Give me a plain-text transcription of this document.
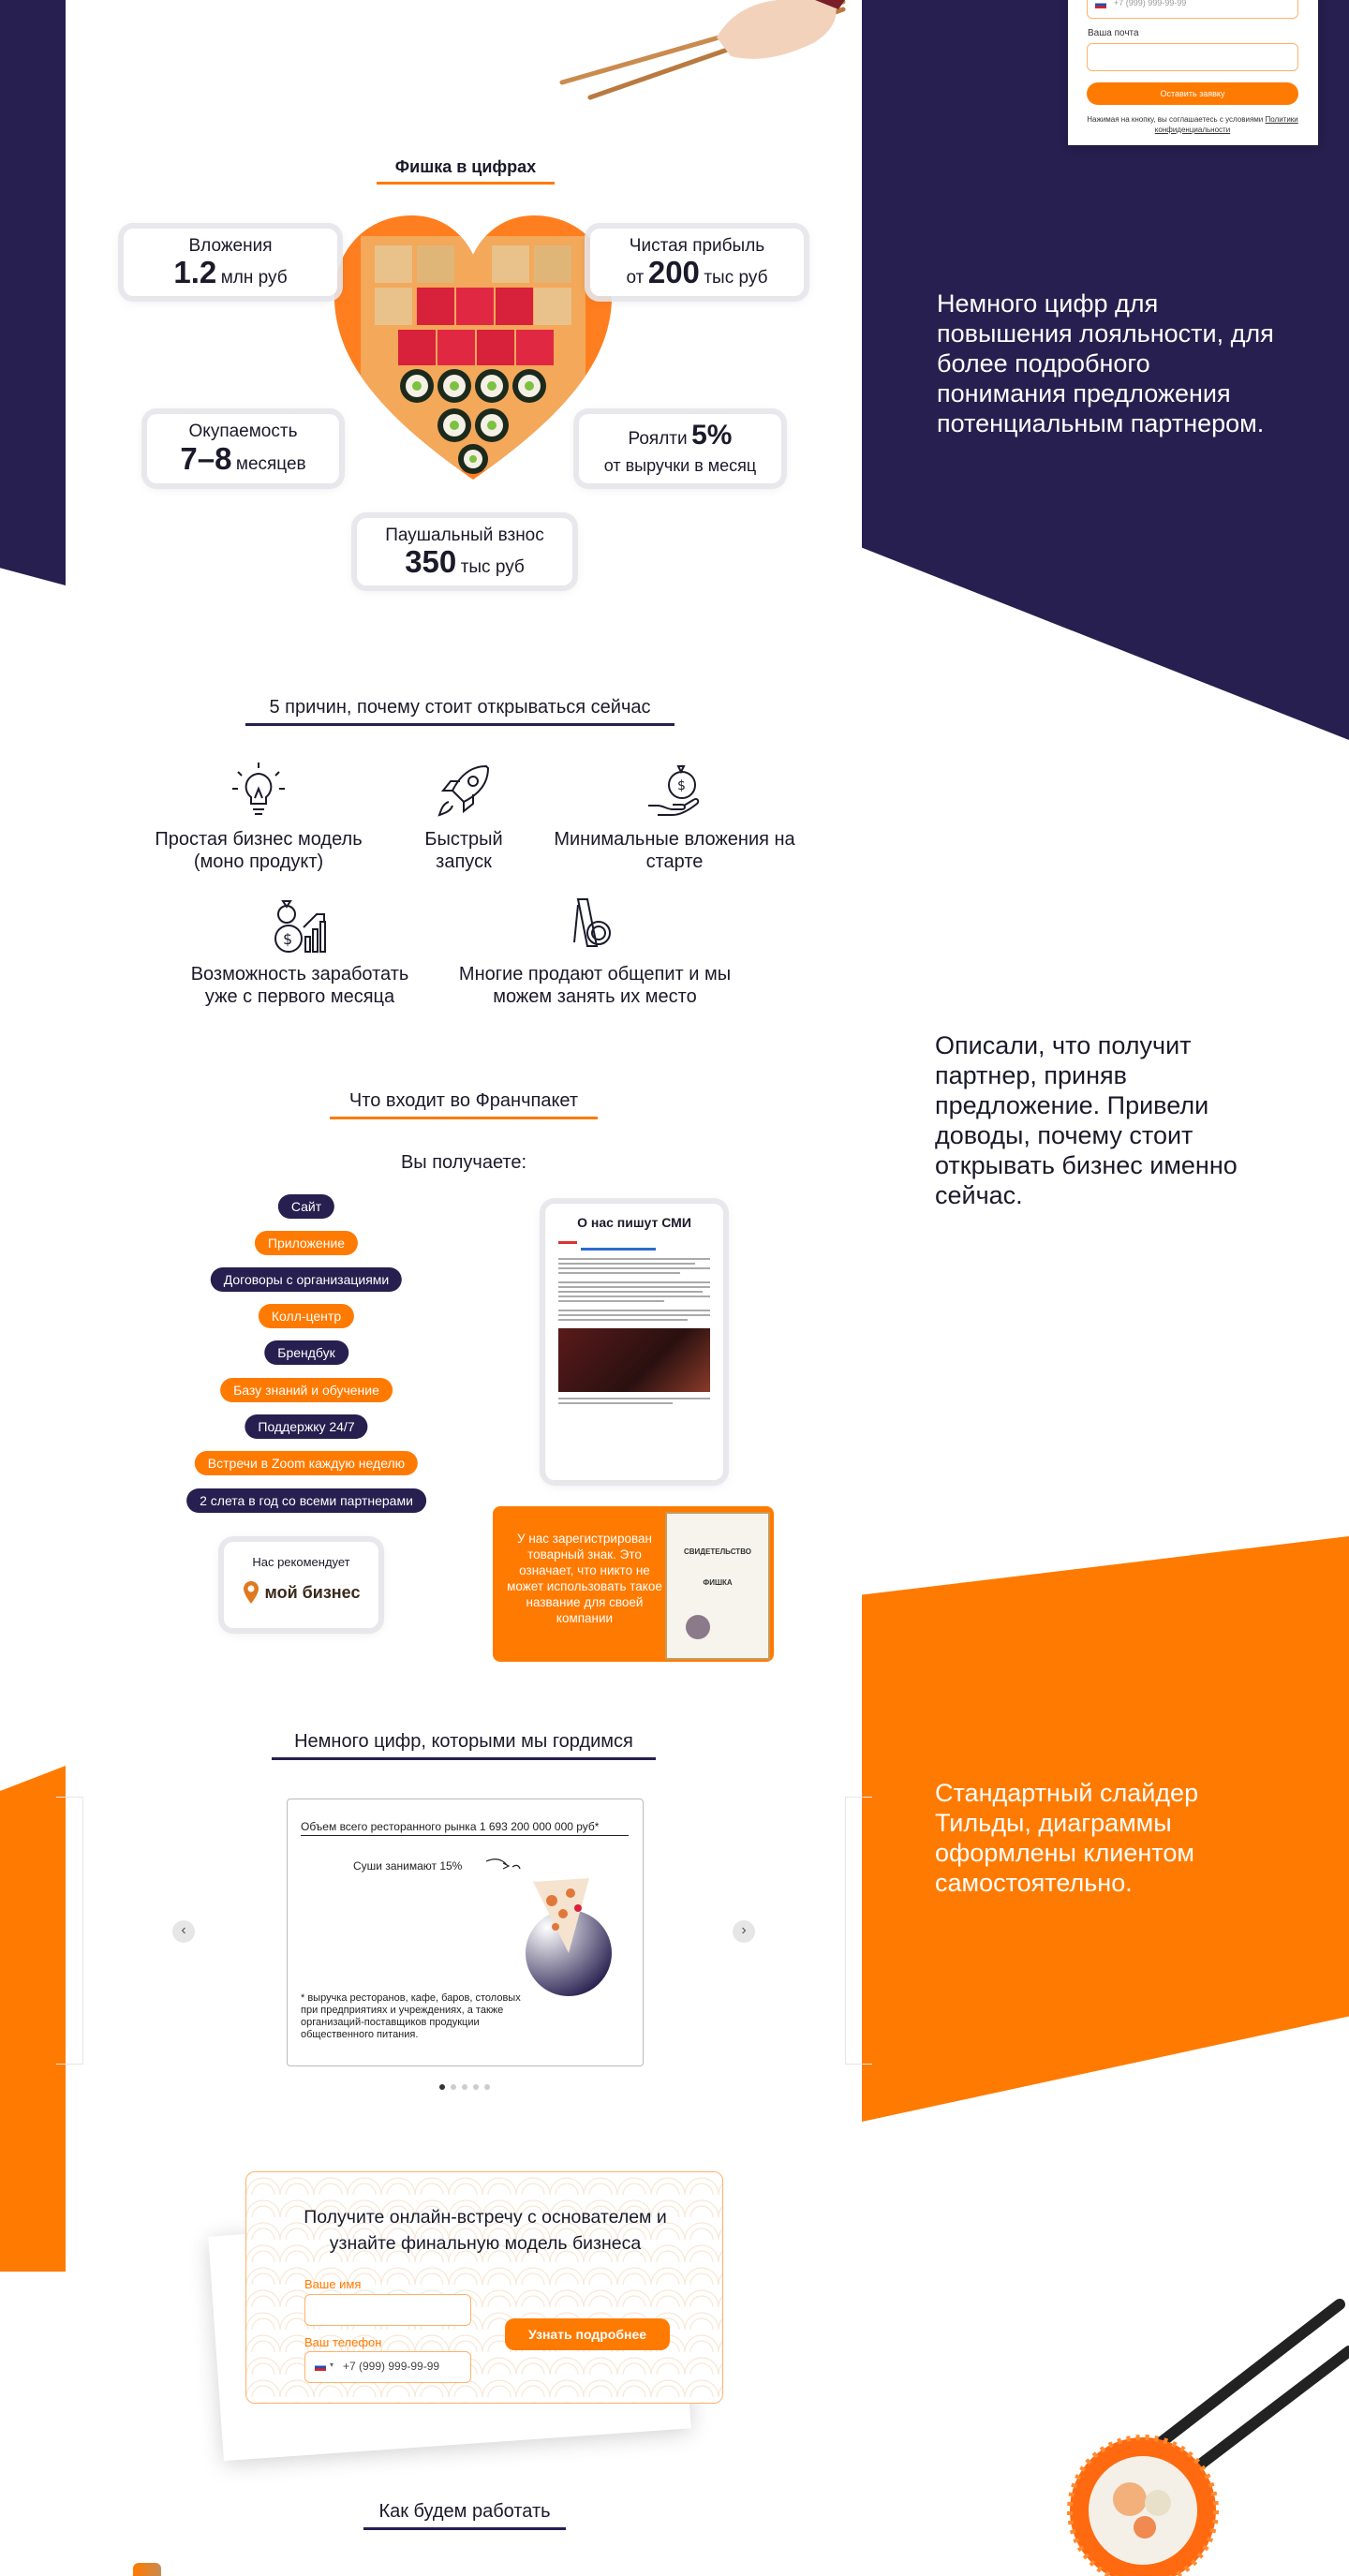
+7 (999) 999-99-99
Ваша почта
Оставить заявку
Нажимая на кнопку, вы соглашаетесь с условиями Политики конфиденциальности
Фишка в цифрах
Вложения
1.2 млн руб
Чистая прибыль
от 200 тыс руб
Окупаемость
7–8 месяцев
Роялти 5%
от выручки в месяц
Паушальный взнос
350 тыс руб
Немного цифр для повышения лояльности, для более подробного понимания предложения потенциальным партнером.
5 причин, почему стоит открываться сейчас
Простая бизнес модель (моно продукт)
Быстрый запуск
$
Минимальные вложения на старте
$
Возможность заработать уже с первого месяца
Многие продают общепит и мы можем занять их место
Что входит во Франчпакет
Вы получаете:
Сайт
Приложение
Договоры с организациями
Колл-центр
Брендбук
Базу знаний и обучение
Поддержку 24/7
Встречи в Zoom каждую неделю
2 слета в год со всеми партнерами
Нас рекомендует
мой бизнес
О нас пишут СМИ
У нас зарегистрирован товарный знак. Это означает, что никто не может использовать такое название для своей компании
СВИДЕТЕЛЬСТВО
ФИШКА
Описали, что получит партнер, приняв предложение. Привели доводы, почему стоит открывать бизнес именно сейчас.
Немного цифр, которыми мы гордимся
‹	›
Объем всего ресторанного рынка 1 693 200 000 000 руб*
Суши занимают 15%
* выручка ресторанов, кафе, баров, столовых при предприятиях и учреждениях, а также организаций-поставщиков продукции общественного питания.
Стандартный слайдер Тильды, диаграммы оформлены клиентом самостоятельно.
Получите онлайн-встречу с основателем и узнайте финальную модель бизнеса
Ваше имя
Ваш телефон
▾ +7 (999) 999-99-99
Узнать подробнее
Как будем работать
